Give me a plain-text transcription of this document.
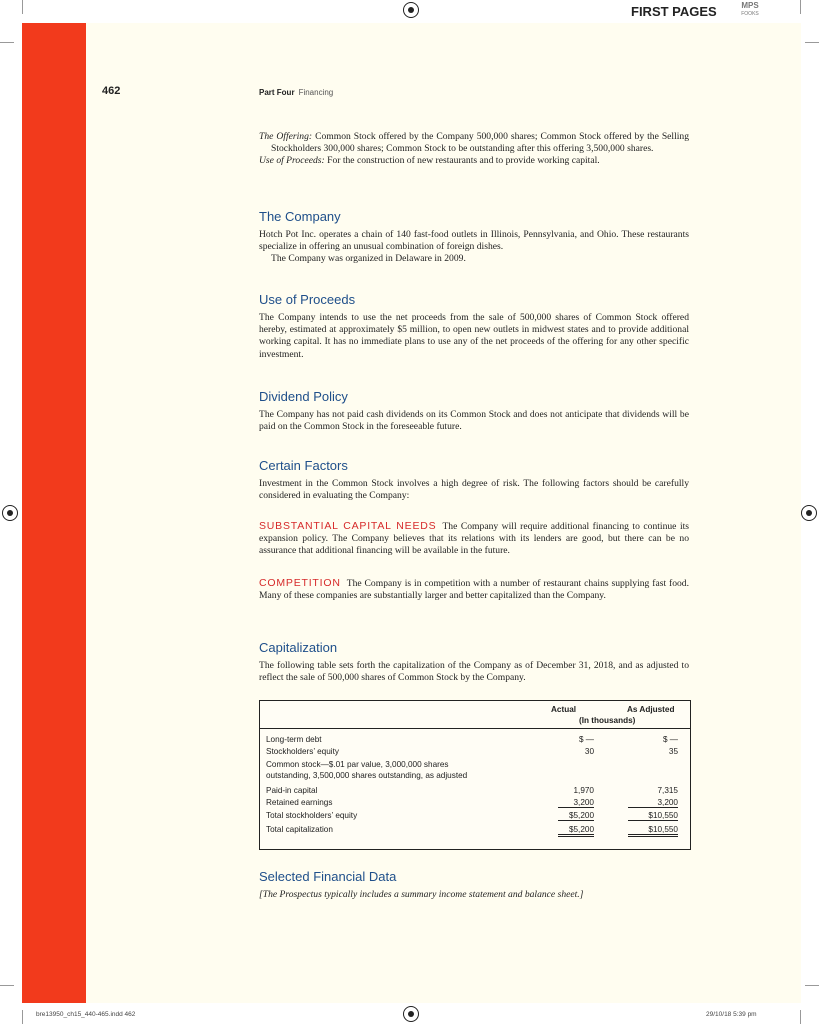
FIRST PAGES	MPS
FOOKS
462	Part Four Financing

The Offering: Common Stock offered by the Company 500,000 shares; Common Stock offered by the Selling Stockholders 300,000 shares; Common Stock to be outstanding after this offering 3,500,000 shares.

Use of Proceeds: For the construction of new restaurants and to provide working capital.

The Company

Hotch Pot Inc. operates a chain of 140 fast-food outlets in Illinois, Pennsylvania, and Ohio. These restaurants specialize in offering an unusual combination of foreign dishes.

The Company was organized in Delaware in 2009.

Use of Proceeds
The Company intends to use the net proceeds from the sale of 500,000 shares of Common Stock offered hereby, estimated at approximately $5 million, to open new outlets in midwest states and to provide additional working capital. It has no immediate plans to use any of the net proceeds of the offering for any other specific investment.
Dividend Policy
The Company has not paid cash dividends on its Common Stock and does not anticipate that dividends will be paid on the Common Stock in the foreseeable future.
Certain Factors
Investment in the Common Stock involves a high degree of risk. The following factors should be carefully considered in evaluating the Company:
SUBSTANTIAL CAPITAL NEEDS The Company will require additional financing to continue its expansion policy. The Company believes that its relations with its lenders are good, but there can be no assurance that additional financing will be available in the future.
COMPETITION The Company is in competition with a number of restaurant chains supplying fast food. Many of these companies are substantially larger and better capitalized than the Company.
Capitalization
The following table sets forth the capitalization of the Company as of December 31, 2018, and as adjusted to reflect the sale of 500,000 shares of Common Stock by the Company.
Actual	As Adjusted
(In thousands)
Long-term debt	$ —	$ —
Stockholders’ equity	30	35
Common stock—$.01 par value, 3,000,000 shares
outstanding, 3,500,000 shares outstanding, as adjusted
Paid-in capital	1,970	7,315
Retained earnings	3,200	3,200
Total stockholders’ equity	$5,200	$10,550
Total capitalization	$5,200	$10,550
Selected Financial Data
[The Prospectus typically includes a summary income statement and balance sheet.]
bre13950_ch15_440-465.indd 462	29/10/18 5:39 pm
